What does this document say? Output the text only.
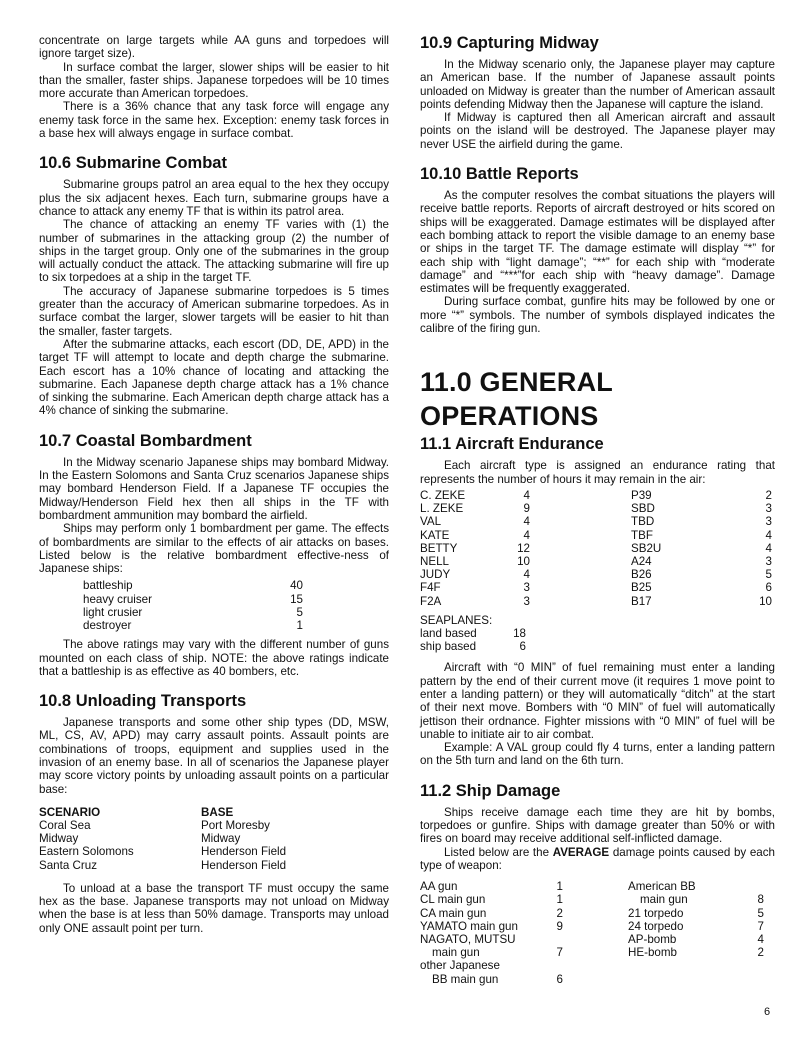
concentrate on large targets while AA guns and torpedoes will ignore target size).

In surface combat the larger, slower ships will be easier to hit than the smaller, faster ships. Japanese torpedoes will be 10 times more accurate than American torpedoes.

There is a 36% chance that any task force will engage any enemy task force in the same hex. Exception: enemy task forces in a base hex will always engage in surface combat.

10.6 Submarine Combat

Submarine groups patrol an area equal to the hex they occupy plus the six adjacent hexes. Each turn, submarine groups have a chance to attack any enemy TF that is within its patrol area.

The chance of attacking an enemy TF varies with (1) the number of submarines in the attacking group (2) the number of ships in the target group. Only one of the submarines in the group will actually conduct the attack. The attacking submarine will fire up to six torpedoes at a ship in the target TF.

The accuracy of Japanese submarine torpedoes is 5 times greater than the accuracy of American submarine torpedoes. As in surface combat the larger, slower targets will be easier to hit than the smaller, faster targets.

After the submarine attacks, each escort (DD, DE, APD) in the target TF will attempt to locate and depth charge the submarine. Each escort has a 10% chance of locating and attacking the submarine. Each Japanese depth charge attack has a 1% chance of sinking the submarine. Each American depth charge attack has a 4% chance of sinking the submarine.

10.7 Coastal Bombardment

In the Midway scenario Japanese ships may bombard Midway. In the Eastern Solomons and Santa Cruz scenarios Japanese ships may bombard Henderson Field. If a Japanese TF occupies the Midway/Henderson Field hex then all ships in the TF with bombardment ammunition may bombard the airfield.

Ships may perform only 1 bombardment per game. The effects of bombardments are similar to the effects of air attacks on bases. Listed below is the relative bombardment effective-ness of Japanese ships:

battleship	40
heavy cruiser	15
light crusier	5
destroyer	1

The above ratings may vary with the different number of guns mounted on each class of ship. NOTE: the above ratings indicate that a battleship is as effective as 40 bombers, etc.

10.8 Unloading Transports

Japanese transports and some other ship types (DD, MSW, ML, CS, AV, APD) may carry assault points. Assault points are combinations of troops, equipment and supplies used in the invasion of an enemy base. In all of scenarios the Japanese player may score victory points by unloading assault points on a particular base:

SCENARIO	BASE
Coral Sea	Port Moresby
Midway	Midway
Eastern Solomons	Henderson Field
Santa Cruz	Henderson Field

To unload at a base the transport TF must occupy the same hex as the base. Japanese transports may not unload on Midway when the base is at less than 50% damage. Transports may unload only ONE assault point per turn.

10.9 Capturing Midway

In the Midway scenario only, the Japanese player may capture an American base. If the number of Japanese assault points unloaded on Midway is greater than the number of American assault points defending Midway then the Japanese will capture the island.

If Midway is captured then all American aircraft and assault points on the island will be destroyed. The Japanese player may never USE the airfield during the game.

10.10 Battle Reports

As the computer resolves the combat situations the players will receive battle reports. Reports of aircraft destroyed or hits scored on ships will be exaggerated. Damage estimates will be displayed after each bombing attack to report the visible damage to an enemy base or ships in the target TF. The damage estimate will display “*” for each ship with “light damage”; “**” for each ship with “moderate damage” and “***”for each ship with “heavy damage”. Damage estimates will be frequently exaggerated.

During surface combat, gunfire hits may be followed by one or more “*” symbols. The number of symbols displayed indicates the calibre of the firing gun.

11.0 GENERAL OPERATIONS
11.1 Aircraft Endurance

Each aircraft type is assigned an endurance rating that represents the number of hours it may remain in the air:

C. ZEKE	4
L. ZEKE	9
VAL	4
KATE	4
BETTY	12
NELL	10
JUDY	4
F4F	3
F2A	3
P39	2
SBD	3
TBD	3
TBF	4
SB2U	4
A24	3
B26	5
B25	6
B17	10
SEAPLANES:
land based	18
ship based	6

Aircraft with “0 MIN” of fuel remaining must enter a landing pattern by the end of their current move (it requires 1 move point to enter a landing pattern) or they will automatically “ditch” at the start of their next move. Bombers with “0 MIN” of fuel will automatically jettison their ordnance. Fighter missions with “0 MIN” of fuel will be unable to initiate air to air combat.

Example: A VAL group could fly 4 turns, enter a landing pattern on the 5th turn and land on the 6th turn.

11.2 Ship Damage

Ships receive damage each time they are hit by bombs, torpedoes or gunfire. Ships with damage greater than 50% or with fires on board may receive additional self-inflicted damage.

Listed below are the AVERAGE damage points caused by each type of weapon:

AA gun	1
CL main gun	1
CA main gun	2
YAMATO main gun	9
NAGATO, MUTSU
main gun	7
other Japanese
BB main gun	6
American BB
main gun	8
21 torpedo	5
24 torpedo	7
AP-bomb	4
HE-bomb	2
6
